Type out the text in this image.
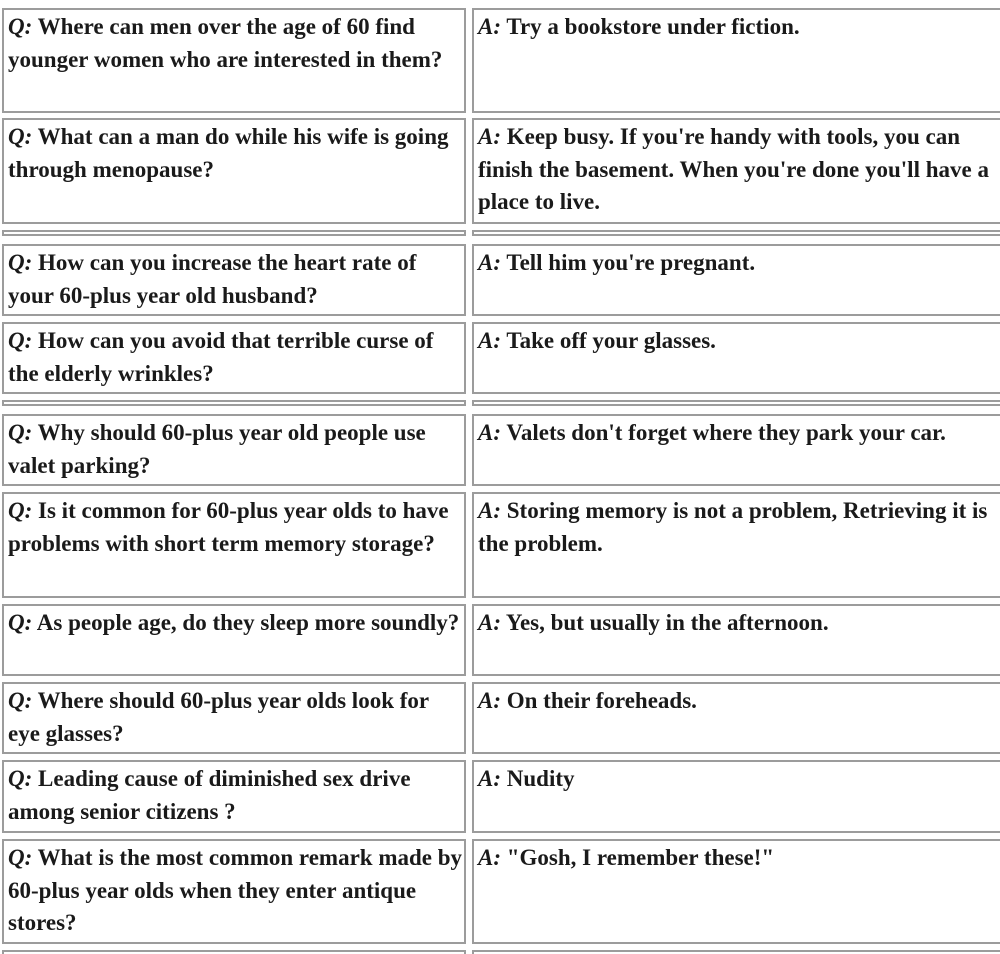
Q: Where can men over the age of 60 find younger women who are interested in them?
A: Try a bookstore under fiction.
Q: What can a man do while his wife is going through menopause?
A: Keep busy. If you're handy with tools, you can finish the basement. When you're done you'll have a place to live.
Q: How can you increase the heart rate of your 60-plus year old husband?
A: Tell him you're pregnant.
Q: How can you avoid that terrible curse of the elderly wrinkles?
A: Take off your glasses.
Q: Why should 60-plus year old people use valet parking?
A: Valets don't forget where they park your car.
Q: Is it common for 60-plus year olds to have problems with short term memory storage?
A: Storing memory is not a problem, Retrieving it is the problem.
Q: As people age, do they sleep more soundly? A: Yes, but usually in the afternoon.
Q: Where should 60-plus year olds look for eye glasses?
A: On their foreheads.
Q: Leading cause of diminished sex drive among senior citizens ?
A: Nudity
Q: What is the most common remark made by 60-plus year olds when they enter antique stores?
A: "Gosh, I remember these!"
